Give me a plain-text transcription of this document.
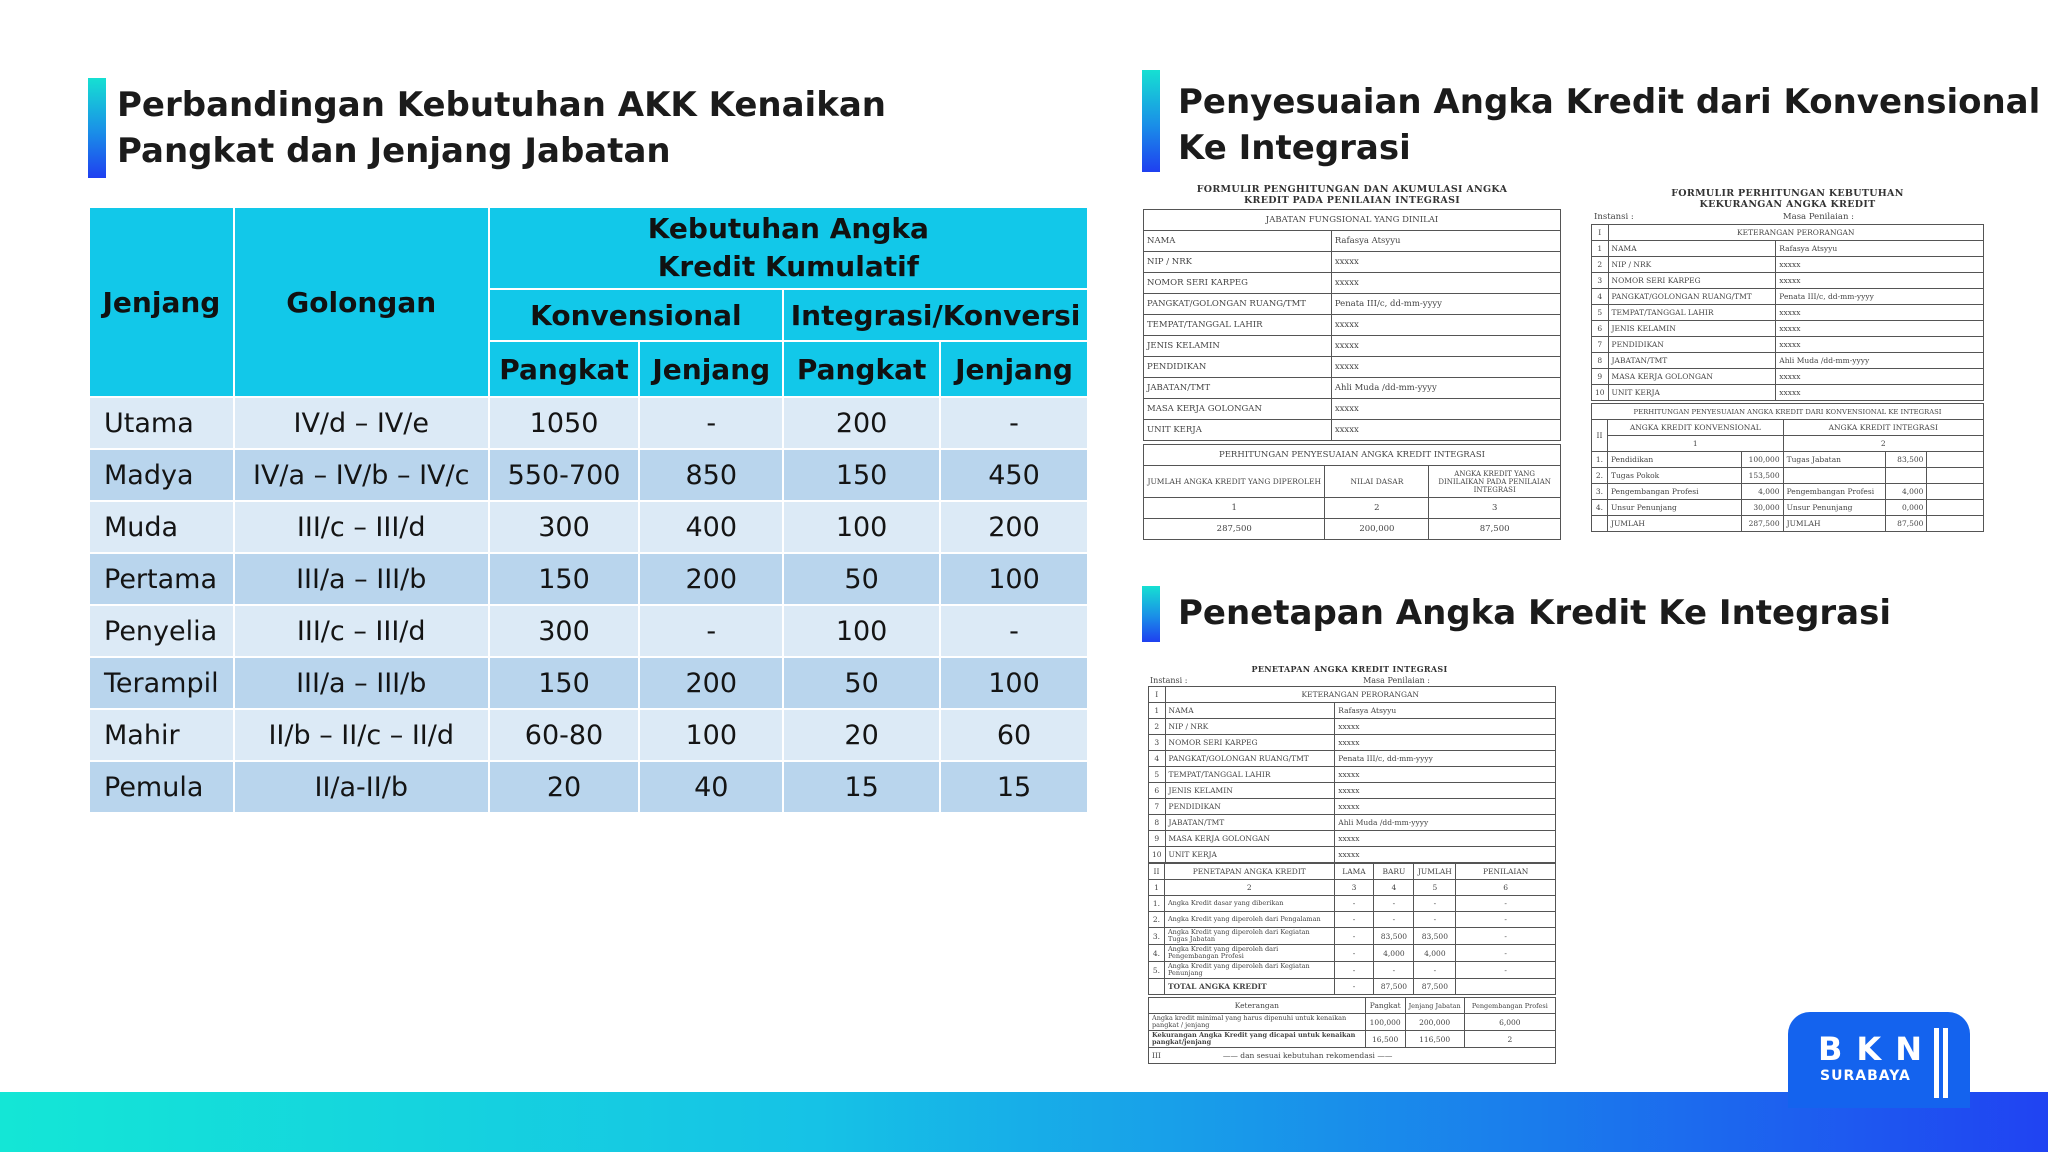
Perbandingan Kebutuhan AKK Kenaikan
Pangkat dan Jenjang Jabatan
Jenjang	Golongan	Kebutuhan Angka Kredit Kumulatif			

		Konvensional		Integrasi/Konversi	
		Pangkat	Jenjang	Pangkat	Jenjang
Utama	IV/d – IV/e	1050	-	200	-
Madya	IV/a – IV/b – IV/c	550-700	850	150	450
Muda	III/c – III/d	300	400	100	200
Pertama	III/a – III/b	150	200	50	100
Penyelia	III/c – III/d	300	-	100	-
Terampil	III/a – III/b	150	200	50	100
Mahir	II/b – II/c – II/d	60-80	100	20	60
Pemula	II/a-II/b	20	40	15	15
Penyesuaian Angka Kredit dari Konvensional
Ke Integrasi
Penetapan Angka Kredit Ke Integrasi
FORMULIR PENGHITUNGAN DAN AKUMULASI ANGKA KREDIT PADA PENILAIAN INTEGRASI
JABATAN FUNGSIONAL YANG DINILAI	
NAMA	Rafasya Atsyyu
NIP / NRK	xxxxx
NOMOR SERI KARPEG	xxxxx
PANGKAT/GOLONGAN RUANG/TMT	Penata III/c, dd-mm-yyyy
TEMPAT/TANGGAL LAHIR	xxxxx
JENIS KELAMIN	xxxxx
PENDIDIKAN	xxxxx
JABATAN/TMT	Ahli Muda /dd-mm-yyyy
MASA KERJA GOLONGAN	xxxxx
UNIT KERJA	xxxxx
PERHITUNGAN PENYESUAIAN ANGKA KREDIT INTEGRASI		
JUMLAH ANGKA KREDIT YANG DIPEROLEH	NILAI DASAR	ANGKA KREDIT YANG DINILAIKAN PADA PENILAIAN INTEGRASI
1	2	3
287,500	200,000	87,500
FORMULIR PERHITUNGAN KEBUTUHAN KEKURANGAN ANGKA KREDIT
Instansi :	Masa Penilaian :
I	KETERANGAN PERORANGAN	
1	NAMA	Rafasya Atsyyu
2	NIP / NRK	xxxxx
3	NOMOR SERI KARPEG	xxxxx
4	PANGKAT/GOLONGAN RUANG/TMT	Penata III/c, dd-mm-yyyy
5	TEMPAT/TANGGAL LAHIR	xxxxx
6	JENIS KELAMIN	xxxxx
7	PENDIDIKAN	xxxxx
8	JABATAN/TMT	Ahli Muda /dd-mm-yyyy
9	MASA KERJA GOLONGAN	xxxxx
10	UNIT KERJA	xxxxx
PERHITUNGAN PENYESUAIAN ANGKA KREDIT DARI KONVENSIONAL KE INTEGRASI					
II	ANGKA KREDIT KONVENSIONAL		ANGKA KREDIT INTEGRASI		
	1		2		
1.	Pendidikan	100,000	Tugas Jabatan	83,500	
2.	Tugas Pokok	153,500			
3.	Pengembangan Profesi	4,000	Pengembangan Profesi	4,000	
4.	Unsur Penunjang	30,000	Unsur Penunjang	0,000	
	JUMLAH	287,500	JUMLAH	87,500	
PENETAPAN ANGKA KREDIT INTEGRASI
Instansi :	Masa Penilaian :
I	KETERANGAN PERORANGAN	
1	NAMA	Rafasya Atsyyu
2	NIP / NRK	xxxxx
3	NOMOR SERI KARPEG	xxxxx
4	PANGKAT/GOLONGAN RUANG/TMT	Penata III/c, dd-mm-yyyy
5	TEMPAT/TANGGAL LAHIR	xxxxx
6	JENIS KELAMIN	xxxxx
7	PENDIDIKAN	xxxxx
8	JABATAN/TMT	Ahli Muda /dd-mm-yyyy
9	MASA KERJA GOLONGAN	xxxxx
10	UNIT KERJA	xxxxx
II	PENETAPAN ANGKA KREDIT	LAMA	BARU	JUMLAH	PENILAIAN
1	2	3	4	5	6
1.	Angka Kredit dasar yang diberikan	-	-	-	-
2.	Angka Kredit yang diperoleh dari Pengalaman	-	-	-	-
3.	Angka Kredit yang diperoleh dari Kegiatan Tugas Jabatan	-	83,500	83,500	-
4.	Angka Kredit yang diperoleh dari Pengembangan Profesi	-	4,000	4,000	-
5.	Angka Kredit yang diperoleh dari Kegiatan Penunjang	-	-	-	-
	TOTAL ANGKA KREDIT	-	87,500	87,500	
Keterangan	Pangkat	Jenjang Jabatan	Pengembangan Profesi
Angka kredit minimal yang harus dipenuhi untuk kenaikan pangkat / jenjang	100,000	200,000	6,000
Kekurangan Angka Kredit yang dicapai untuk kenaikan pangkat/jenjang	16,500	116,500	2
III —— dan sesuai kebutuhan rekomendasi ——				BKN
SURABAYA
